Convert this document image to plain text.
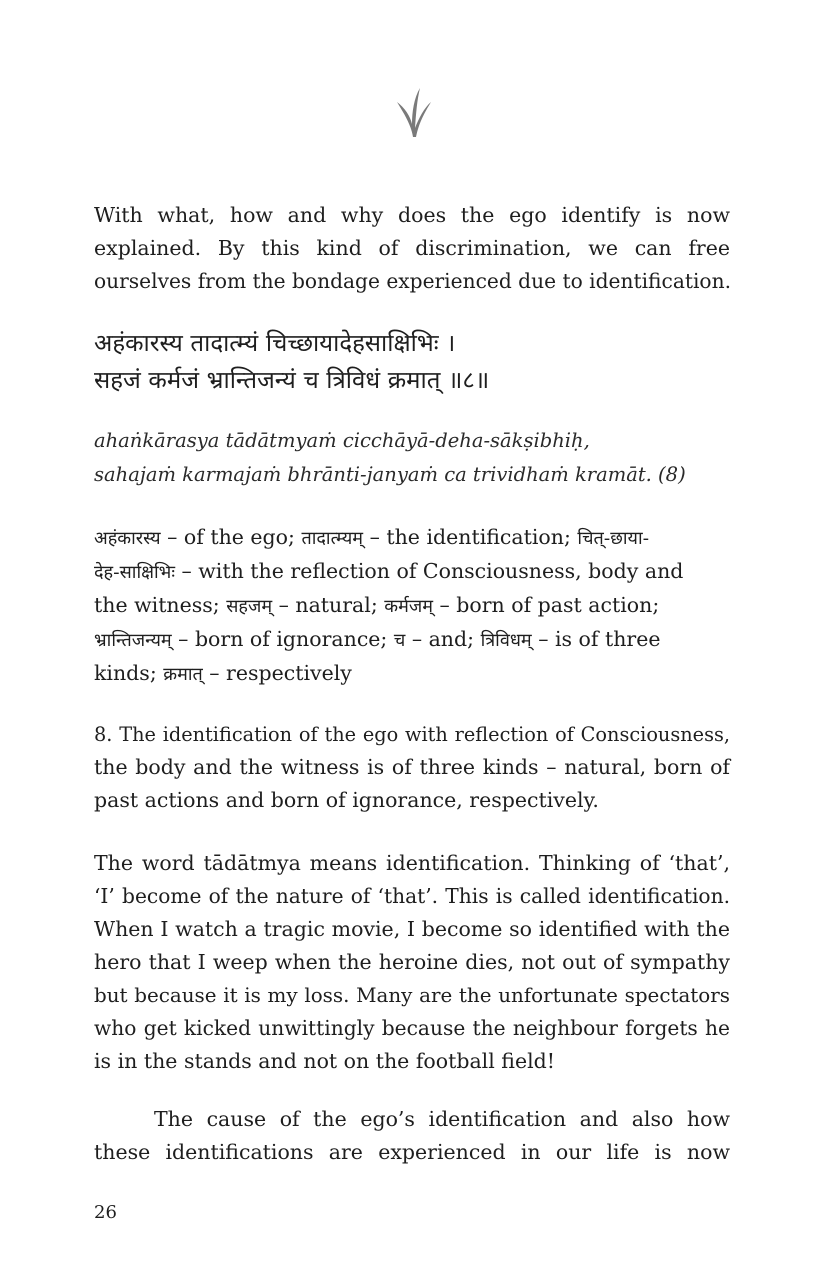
With what, how and why does the ego identify is now
explained. By this kind of discrimination, we can free
ourselves from the bondage experienced due to identification.

अहंकारस्य तादात्म्यं चिच्छायादेहसाक्षिभिः ।
सहजं कर्मजं भ्रान्तिजन्यं च त्रिविधं क्रमात् ॥८॥
ahaṅkārasya tādātmyaṁ cicchāyā-deha-sākṣibhiḥ,
sahajaṁ karmajaṁ bhrānti-janyaṁ ca trividhaṁ kramāt. (8)
अहंकारस्य – of the ego; तादात्म्यम् – the identification; चित्-छाया-
देह-साक्षिभिः – with the reflection of Consciousness, body and
the witness; सहजम् – natural; कर्मजम् – born of past action;
भ्रान्तिजन्यम् – born of ignorance; च – and; त्रिविधम् – is of three
kinds; क्रमात् – respectively

8. The identification of the ego with reflection of Consciousness,
the body and the witness is of three kinds – natural, born of
past actions and born of ignorance, respectively.

The word tādātmya means identification. Thinking of ‘that’,
‘I’ become of the nature of ‘that’. This is called identification.
When I watch a tragic movie, I become so identified with the
hero that I weep when the heroine dies, not out of sympathy
but because it is my loss. Many are the unfortunate spectators
who get kicked unwittingly because the neighbour forgets he
is in the stands and not on the football field!

The cause of the ego’s identification and also how
these identifications are experienced in our life is now

26
